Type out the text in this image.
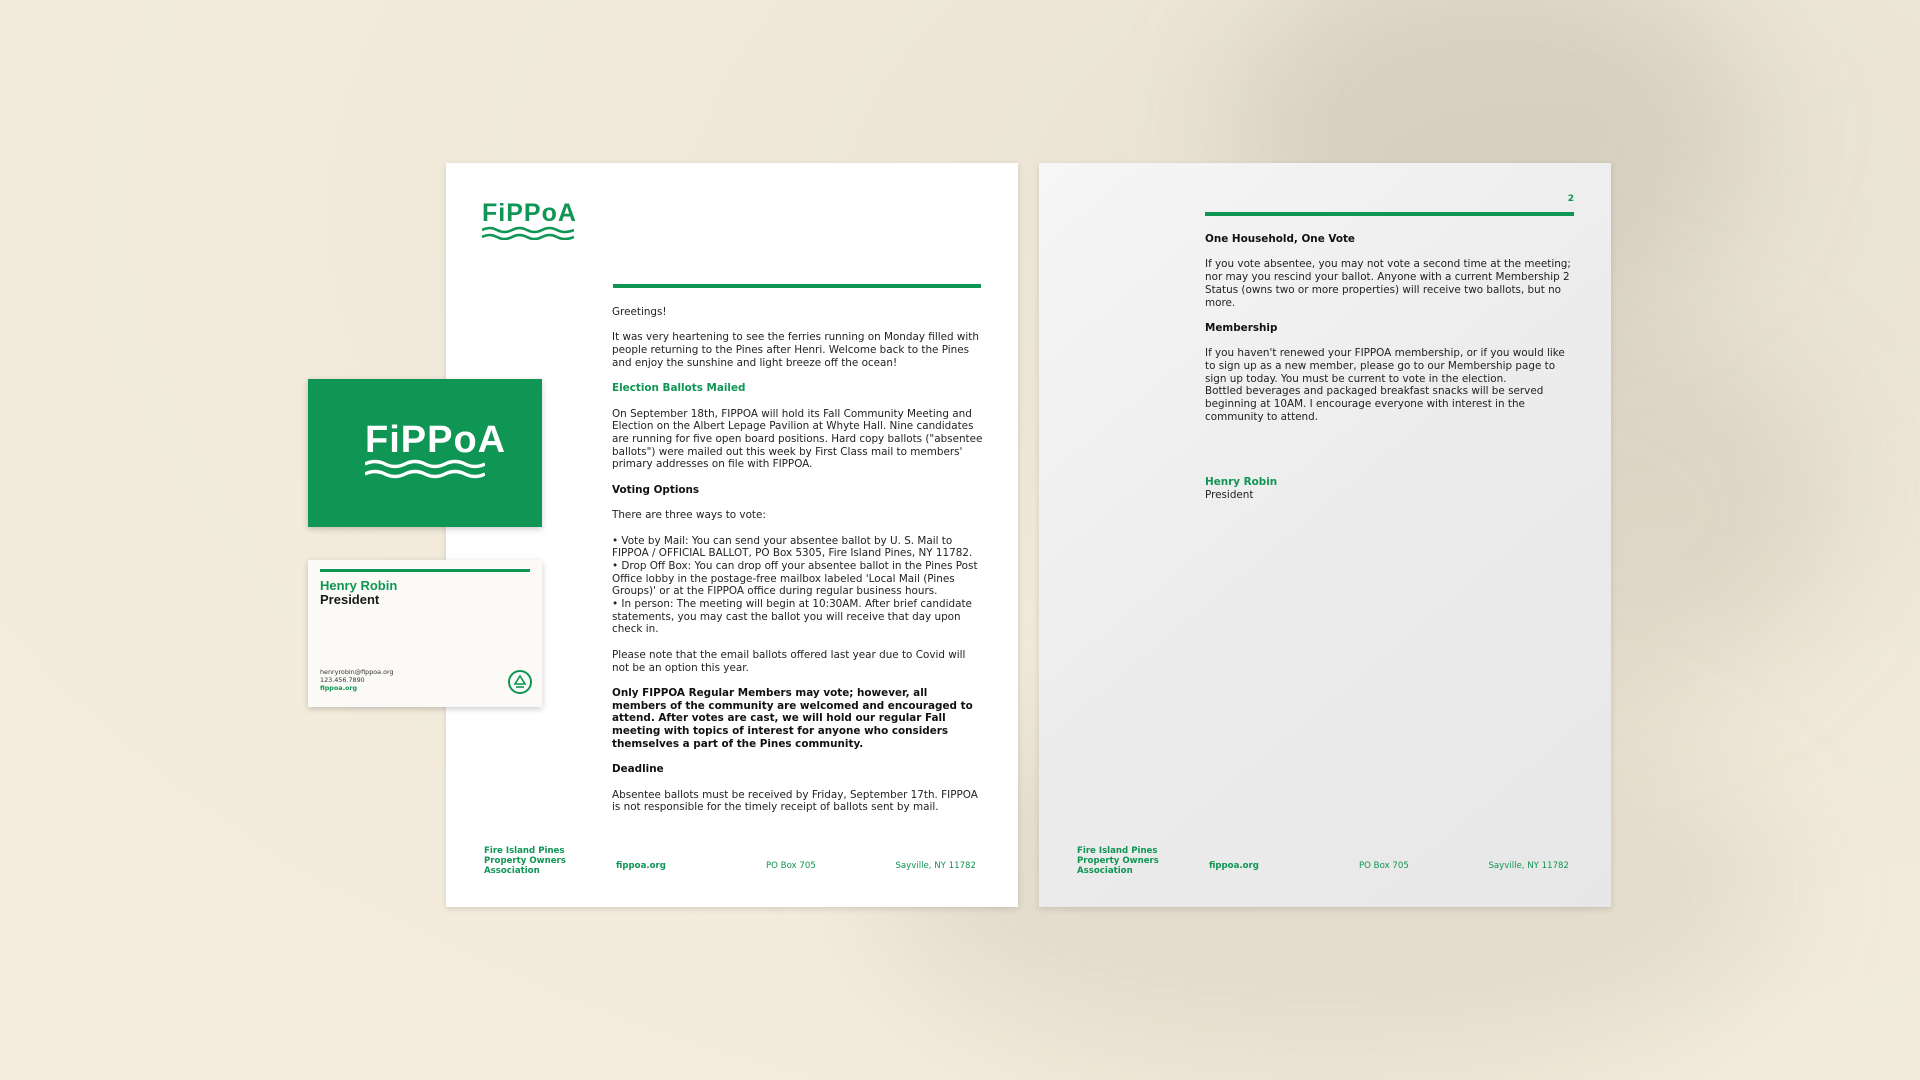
FiPPoA

Greetings!

It was very heartening to see the ferries running on Monday filled with people returning to the Pines after Henri. Welcome back to the Pines and enjoy the sunshine and light breeze off the ocean!

Election Ballots Mailed

On September 18th, FIPPOA will hold its Fall Community Meeting and Election on the Albert Lepage Pavilion at Whyte Hall. Nine candidates are running for five open board positions. Hard copy ballots ("absentee ballots") were mailed out this week by First Class mail to members' primary addresses on file with FIPPOA.

Voting Options

There are three ways to vote:

• Vote by Mail: You can send your absentee ballot by U. S. Mail to FIPPOA / OFFICIAL BALLOT, PO Box 5305, Fire Island Pines, NY 11782.
• Drop Off Box: You can drop off your absentee ballot in the Pines Post Office lobby in the postage-free mailbox labeled 'Local Mail (Pines Groups)' or at the FIPPOA office during regular business hours.
• In person: The meeting will begin at 10:30AM. After brief candidate statements, you may cast the ballot you will receive that day upon check in.

Please note that the email ballots offered last year due to Covid will not be an option this year.

Only FIPPOA Regular Members may vote; however, all members of the community are welcomed and encouraged to attend. After votes are cast, we will hold our regular Fall meeting with topics of interest for anyone who considers themselves a part of the Pines community.

Deadline

Absentee ballots must be received by Friday, September 17th. FIPPOA is not responsible for the timely receipt of ballots sent by mail.

Fire Island Pines
Property Owners
Association	fippoa.org	PO Box 705	Sayville, NY 11782
2

One Household, One Vote

If you vote absentee, you may not vote a second time at the meeting; nor may you rescind your ballot. Anyone with a current Membership 2 Status (owns two or more properties) will receive two ballots, but no more.

Membership

If you haven't renewed your FIPPOA membership, or if you would like to sign up as a new member, please go to our Membership page to sign up today. You must be current to vote in the election.
Bottled beverages and packaged breakfast snacks will be served beginning at 10AM. I encourage everyone with interest in the community to attend.
Henry Robin
President
Fire Island Pines
Property Owners
Association	fippoa.org	PO Box 705	Sayville, NY 11782
FiPPoA
Henry Robin
President
henryrobin@fippoa.org
123.456.7890
fippoa.org
